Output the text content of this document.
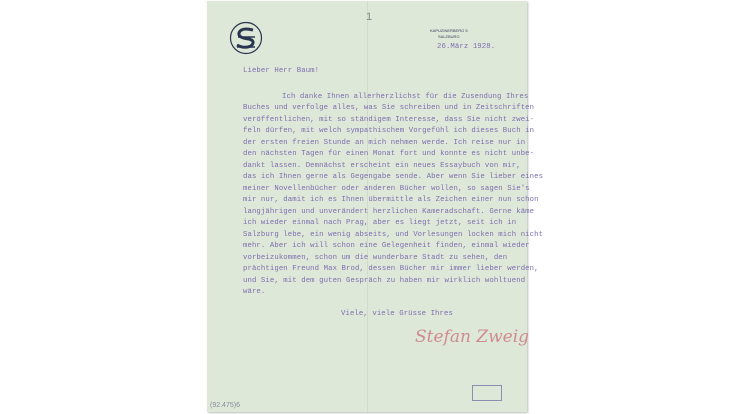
1
KAPUZINERBERG 5
SALZBURG
26.März 1928.
Lieber Herr Baum!
Ich danke Ihnen allerherzlichst für die Zusendung Ihres
Buches und verfolge alles, was Sie schreiben und in Zeitschriften
veröffentlichen, mit so ständigem Interesse, dass Sie nicht zwei-
feln dürfen, mit welch sympathischem Vorgefühl ich dieses Buch in
der ersten freien Stunde an mich nehmen werde. Ich reise nur in
den nächsten Tagen für einen Monat fort und konnte es nicht unbe-
dankt lassen. Demnächst erscheint ein neues Essaybuch von mir,
das ich Ihnen gerne als Gegengabe sende. Aber wenn Sie lieber eines
meiner Novellenbücher oder anderen Bücher wollen, so sagen Sie's
mir nur, damit ich es Ihnen übermittle als Zeichen einer nun schon
langjährigen und unverändert herzlichen Kameradschaft. Gerne käme
ich wieder einmal nach Prag, aber es liegt jetzt, seit ich in
Salzburg lebe, ein wenig abseits, und Vorlesungen locken mich nicht
mehr. Aber ich will schon eine Gelegenheit finden, einmal wieder
vorbeizukommen, schon um die wunderbare Stadt zu sehen, den
prächtigen Freund Max Brod, dessen Bücher mir immer lieber werden,
und Sie, mit dem guten Gespräch zu haben mir wirklich wohltuend
wäre.
Viele, viele Grüsse Ihres
Stefan Zweig
(92.475)6
